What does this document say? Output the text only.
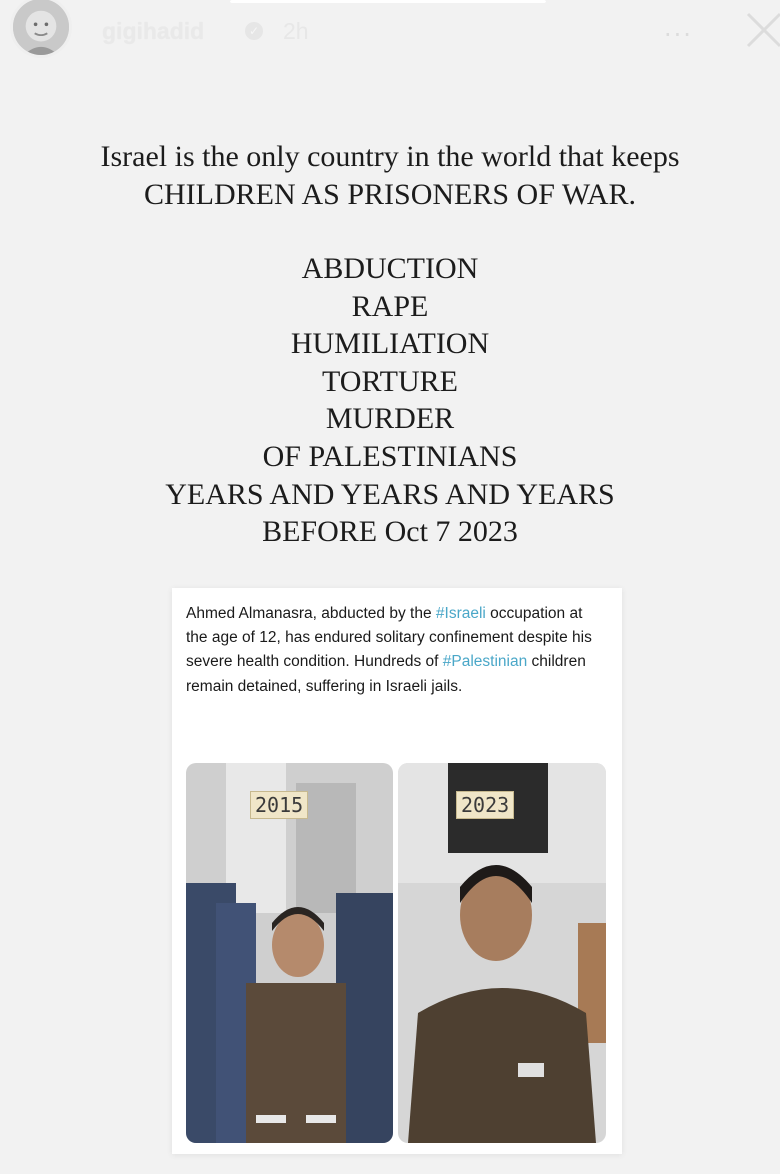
gigihadid	✓ 2h	...
Israel is the only country in the world that keeps
CHILDREN AS PRISONERS OF WAR.
ABDUCTION
RAPE
HUMILIATION
TORTURE
MURDER
OF PALESTINIANS
YEARS AND YEARS AND YEARS
BEFORE Oct 7 2023
Ahmed Almanasra, abducted by the #Israeli occupation at the age of 12, has endured solitary confinement despite his severe health condition. Hundreds of #Palestinian children remain detained, suffering in Israeli jails.
2015	2023
